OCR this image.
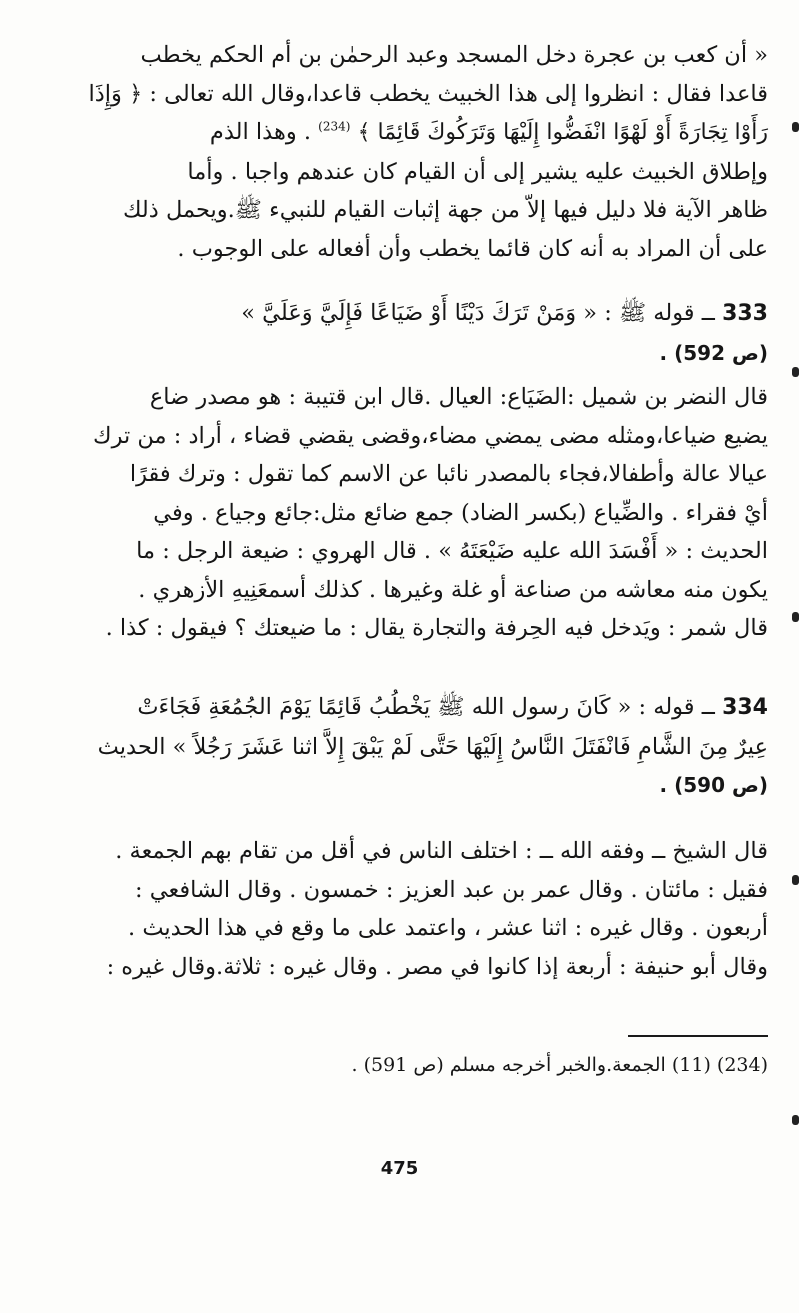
« أن كعب بن عجرة دخل المسجد وعبد الرحمٰن بن أم الحكم يخطب

قاعدا فقال : انظروا إلى هذا الخبيث يخطب قاعدا،وقال الله تعالى : ﴿ وَإِذَا

رَأَوْا تِجَارَةً أَوْ لَهْوًا انْفَضُّوا إِلَيْهَا وَتَرَكُوكَ قَائِمًا ﴾ $^{(234)}$ . وهذا الذم

وإطلاق الخبيث عليه يشير إلى أن القيام كان عندهم واجبا . وأما

ظاهر الآية فلا دليل فيها إلاّ من جهة إثبات القيام للنبيء ﷺ.ويحمل ذلك

على أن المراد به أنه كان قائما يخطب وأن أفعاله على الوجوب .

333 ــ قوله ﷺ : « وَمَنْ تَرَكَ دَيْنًا أَوْ ضَيَاعًا فَإِلَيَّ وَعَلَيَّ »

(ص 592) .

قال النضر بن شميل :الضَيَاع: العيال .قال ابن قتيبة : هو مصدر ضاع

يضيع ضياعا،ومثله مضى يمضي مضاء،وقضى يقضي قضاء ، أراد : من ترك

عيالا عالة وأطفالا،فجاء بالمصدر نائبا عن الاسم كما تقول : وترك فقرًا

أيْ فقراء . والضِّياع (بكسر الضاد) جمع ضائع مثل:جائع وجياع . وفي

الحديث : « أَفْسَدَ الله عليه ضَيْعَتَهُ » . قال الهروي : ضيعة الرجل : ما

يكون منه معاشه من صناعة أو غلة وغيرها . كذلك أسمعَنِيهِ الأزهري .

قال شمر : ويَدخل فيه الحِرفة والتجارة يقال : ما ضيعتك ؟ فيقول : كذا .

334 ــ قوله : « كَانَ رسول الله ﷺ يَخْطُبُ قَائِمًا يَوْمَ الجُمُعَةِ فَجَاءَتْ

عِيرٌ مِنَ الشَّامِ فَانْفَتَلَ النَّاسُ إِلَيْهَا حَتَّى لَمْ يَبْقَ إِلاَّ اثنا عَشَرَ رَجُلاً » الحديث

(ص 590) .

قال الشيخ ــ وفقه الله ــ : اختلف الناس في أقل من تقام بهم الجمعة .

فقيل : مائتان . وقال عمر بن عبد العزيز : خمسون . وقال الشافعي :

أربعون . وقال غيره : اثنا عشر ، واعتمد على ما وقع في هذا الحديث .

وقال أبو حنيفة : أربعة إذا كانوا في مصر . وقال غيره : ثلاثة.وقال غيره :

(234) (11) الجمعة.والخبر أخرجه مسلم (ص 591) .
475
